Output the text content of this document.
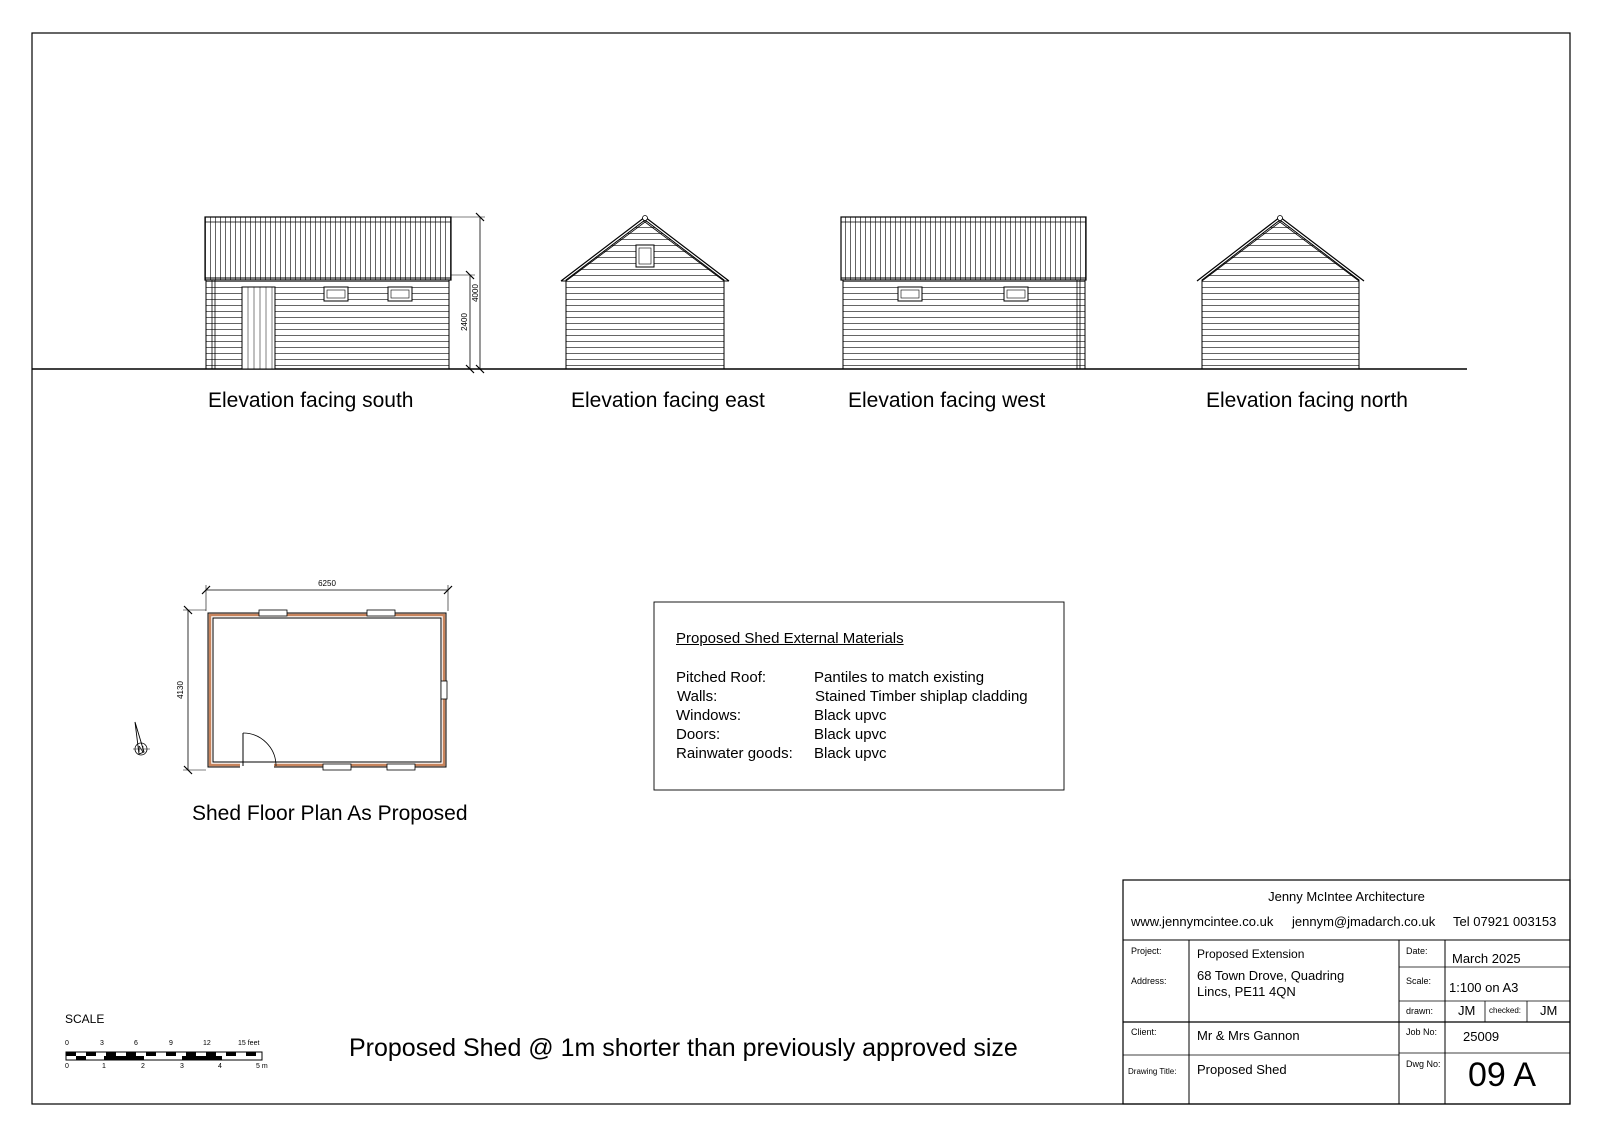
4000
2400
6250
4130
N
Elevation facing south	Elevation facing east	Elevation facing west	Elevation facing north
Shed Floor Plan As Proposed
Proposed Shed External Materials
Pitched Roof:	Pantiles to match existing
Walls:	Stained Timber shiplap cladding
Windows:	Black upvc
Doors:	Black upvc
Rainwater goods:	Black upvc
SCALE
0	3	6	9	12	15 feet
0	1	2	3	4	5 m
Proposed Shed @ 1m shorter than previously approved size
Jenny McIntee Architecture
www.jennymcintee.co.uk jennym@jmadarch.co.uk Tel 07921 003153
Project:	Proposed Extension
Address: 68 Town Drove, Quadring
Lincs, PE11 4QN
Client:	Mr & Mrs Gannon
Drawing Title: Proposed Shed
Date: March 2025
Scale: 1:100 on A3
drawn: JM checked: JM
Job No: 25009
Dwg No: 09 A
